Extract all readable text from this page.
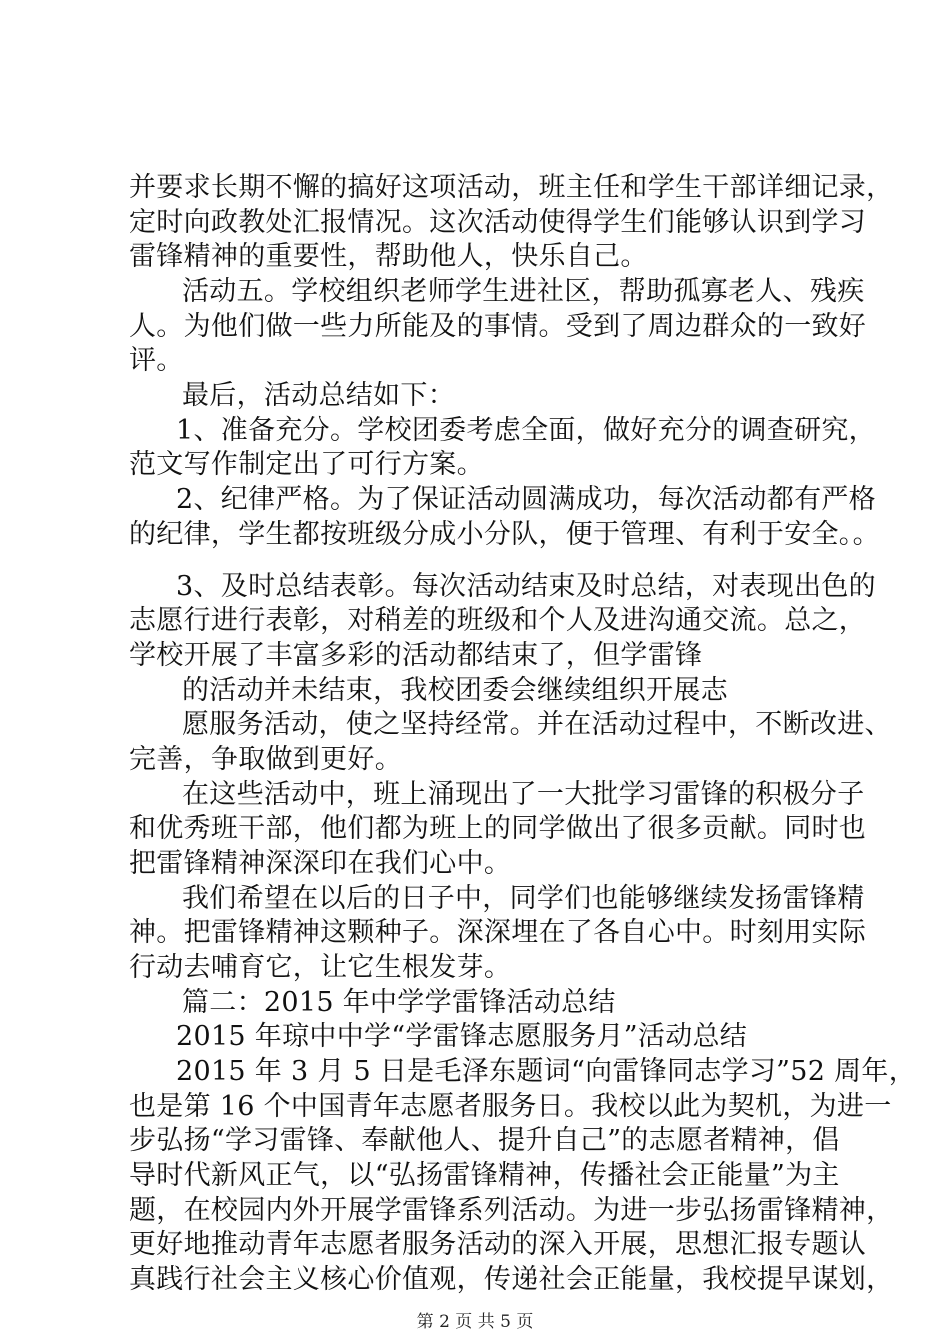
并要求长期不懈的搞好这项活动，班主任和学生干部详细记录，
定时向政教处汇报情况。这次活动使得学生们能够认识到学习
雷锋精神的重要性，帮助他人，快乐自己。
活动五。学校组织老师学生进社区，帮助孤寡老人、残疾
人。为他们做一些力所能及的事情。受到了周边群众的一致好
评。
最后，活动总结如下：
1、准备充分。学校团委考虑全面，做好充分的调查研究，
范文写作制定出了可行方案。
2、纪律严格。为了保证活动圆满成功，每次活动都有严格
的纪律，学生都按班级分成小分队，便于管理、有利于安全。。
3、及时总结表彰。每次活动结束及时总结，对表现出色的
志愿行进行表彰，对稍差的班级和个人及进沟通交流。总之，
学校开展了丰富多彩的活动都结束了，但学雷锋
的活动并未结束，我校团委会继续组织开展志
愿服务活动，使之坚持经常。并在活动过程中，不断改进、
完善，争取做到更好。
在这些活动中，班上涌现出了一大批学习雷锋的积极分子
和优秀班干部，他们都为班上的同学做出了很多贡献。同时也
把雷锋精神深深印在我们心中。
我们希望在以后的日子中，同学们也能够继续发扬雷锋精
神。把雷锋精神这颗种子。深深埋在了各自心中。时刻用实际
行动去哺育它，让它生根发芽。
篇二：2015 年中学学雷锋活动总结
2015 年琼中中学“学雷锋志愿服务月”活动总结
2015 年 3 月 5 日是毛泽东题词“向雷锋同志学习”52 周年，
也是第 16 个中国青年志愿者服务日。我校以此为契机，为进一
步弘扬“学习雷锋、奉献他人、提升自己”的志愿者精神，倡
导时代新风正气，以“弘扬雷锋精神，传播社会正能量”为主
题，在校园内外开展学雷锋系列活动。为进一步弘扬雷锋精神，
更好地推动青年志愿者服务活动的深入开展，思想汇报专题认
真践行社会主义核心价值观，传递社会正能量，我校提早谋划，
第 2 页 共 5 页
